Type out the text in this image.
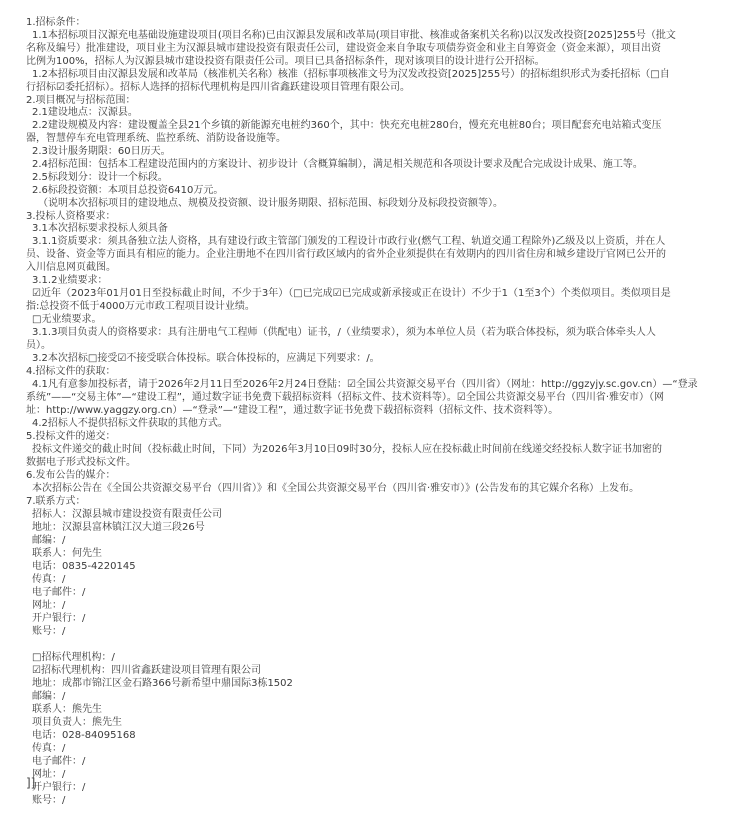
1.招标条件：
1.1本招标项目汉源充电基础设施建设项目(项目名称)已由汉源县发展和改革局(项目审批、核准或备案机关名称)以汉发改投资[2025]255号（批文
名称及编号）批准建设，项目业主为汉源县城市建设投资有限责任公司，建设资金来自争取专项债券资金和业主自筹资金（资金来源），项目出资
比例为100%，招标人为汉源县城市建设投资有限责任公司。项目已具备招标条件，现对该项目的设计进行公开招标。
1.2本招标项目由汉源县发展和改革局（核准机关名称）核准（招标事项核准文号为汉发改投资[2025]255号）的招标组织形式为委托招标（□自
行招标☑委托招标）。招标人选择的招标代理机构是四川省鑫跃建设项目管理有限公司。
2.项目概况与招标范围：
2.1建设地点：汉源县。
2.2建设规模及内容：建设覆盖全县21个乡镇的新能源充电桩约360个，其中：快充充电桩280台，慢充充电桩80台；项目配套充电站箱式变压
器，智慧停车充电管理系统、监控系统、消防设备设施等。
2.3设计服务期限：60日历天。
2.4招标范围：包括本工程建设范围内的方案设计、初步设计（含概算编制），满足相关规范和各项设计要求及配合完成设计成果、施工等。
2.5标段划分：设计一个标段。
2.6标段投资额：本项目总投资6410万元。
（说明本次招标项目的建设地点、规模及投资额、设计服务期限、招标范围、标段划分及标段投资额等）。
3.投标人资格要求：
3.1本次招标要求投标人须具备
3.1.1资质要求：须具备独立法人资格，具有建设行政主管部门颁发的工程设计市政行业(燃气工程、轨道交通工程除外)乙级及以上资质，并在人
员、设备、资金等方面具有相应的能力。企业注册地不在四川省行政区域内的省外企业须提供在有效期内的四川省住房和城乡建设厅官网已公开的
入川信息网页截图。
3.1.2业绩要求：
☑近年（2023年01月01日至投标截止时间，不少于3年）（□已完成☑已完成或新承接或正在设计）不少于1（1至3个）个类似项目。类似项目是
指:总投资不低于4000万元市政工程项目设计业绩。
□无业绩要求。
3.1.3项目负责人的资格要求：具有注册电气工程师（供配电）证书，/（业绩要求），须为本单位人员（若为联合体投标，须为联合体牵头人人
员）。
3.2本次招标□接受☑不接受联合体投标。联合体投标的，应满足下列要求：/。
4.招标文件的获取：
4.1凡有意参加投标者，请于2026年2月11日至2026年2月24日登陆：☑全国公共资源交易平台（四川省）（网址：http://ggzyjy.sc.gov.cn）—“登录
系统”——“交易主体”—“建设工程”，通过数字证书免费下载招标资料（招标文件、技术资料等）。☑全国公共资源交易平台（四川省·雅安市）（网
址：http://www.yaggzy.org.cn）—“登录”—“建设工程”，通过数字证书免费下载招标资料（招标文件、技术资料等）。
4.2招标人不提供招标文件获取的其他方式。
5.投标文件的递交：
投标文件递交的截止时间（投标截止时间，下同）为2026年3月10日09时30分，投标人应在投标截止时间前在线递交经投标人数字证书加密的
数据电子形式投标文件。
6.发布公告的媒介：
本次招标公告在《全国公共资源交易平台（四川省）》和《全国公共资源交易平台（四川省·雅安市）》(公告发布的其它媒介名称）上发布。
7.联系方式：
招标人：汉源县城市建设投资有限责任公司
地址：汉源县富林镇江汉大道三段26号
邮编：/
联系人：何先生
电话：0835-4220145
传真：/
电子邮件：/
网址：/
开户银行：/
账号：/
□招标代理机构：/
☑招标代理机构：四川省鑫跃建设项目管理有限公司
地址：成都市锦江区金石路366号新希望中鼎国际3栋1502
邮编：/
联系人：熊先生
项目负责人：熊先生
电话：028-84095168
传真：/
电子邮件：/
网址：/
开户银行：/
账号：/
]]
